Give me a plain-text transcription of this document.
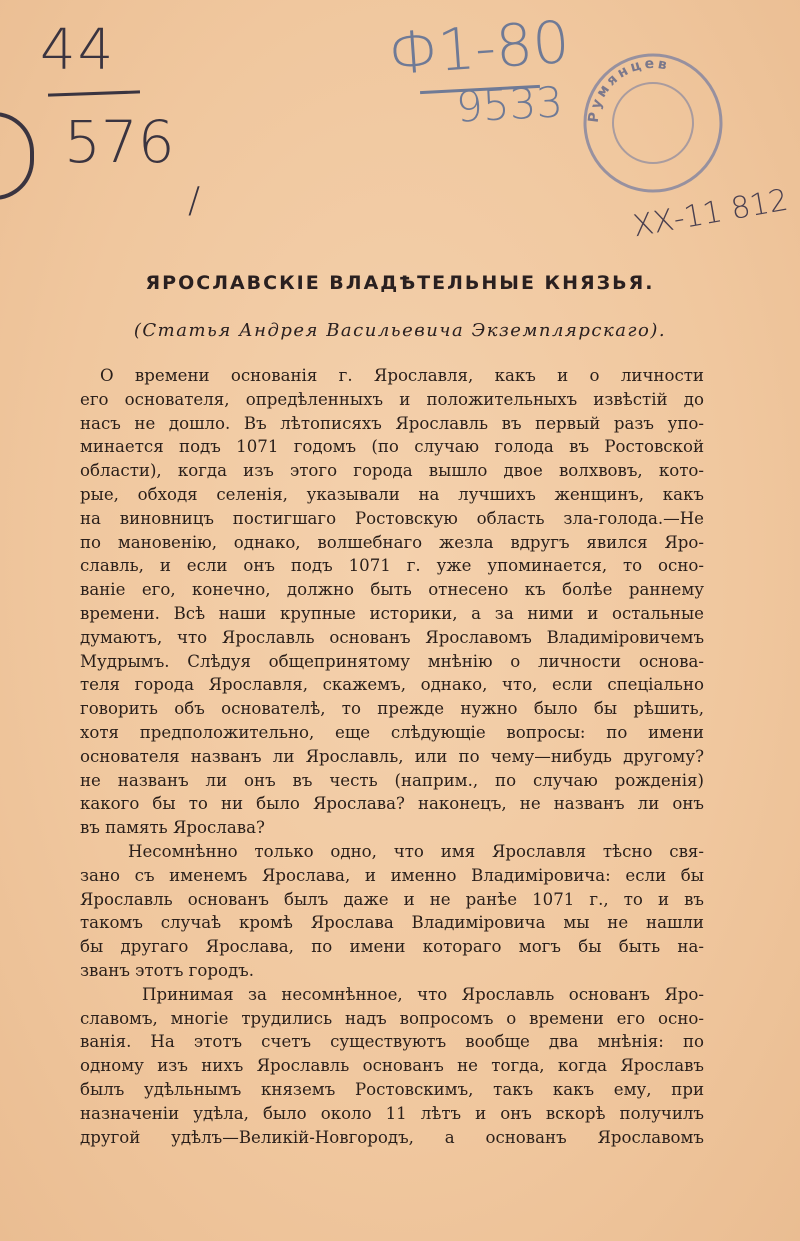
44
576
/
Ф1-80
9533 Румянцев
ХХ-11 812
ЯРОСЛАВСКІЕ ВЛАДѢТЕЛЬНЫЕ КНЯЗЬЯ.
(Статья Андрея Васильевича Экземплярскаго).
О времени основанія г. Ярославля, какъ и о личности
его основателя, опредѣленныхъ и положительныхъ извѣстій до
насъ не дошло. Въ лѣтописяхъ Ярославль въ первый разъ упо-
минается подъ 1071 годомъ (по случаю голода въ Ростовской
области), когда изъ этого города вышло двое волхвовъ, кото-
рые, обходя селенія, указывали на лучшихъ женщинъ, какъ
на виновницъ постигшаго Ростовскую область зла-голода.—Не
по мановенію, однако, волшебнаго жезла вдругъ явился Яро-
славль, и если онъ подъ 1071 г. уже упоминается, то осно-
ваніе его, конечно, должно быть отнесено къ болѣе раннему
времени. Всѣ наши крупные историки, а за ними и остальные
думаютъ, что Ярославль основанъ Ярославомъ Владиміровичемъ
Мудрымъ. Слѣдуя общепринятому мнѣнію о личности основа-
теля города Ярославля, скажемъ, однако, что, если спеціально
говорить объ основателѣ, то прежде нужно было бы рѣшить,
хотя предположительно, еще слѣдующіе вопросы: по имени
основателя названъ ли Ярославль, или по чему—нибудь другому?
не названъ ли онъ въ честь (наприм., по случаю рожденія)
какого бы то ни было Ярослава? наконецъ, не названъ ли онъ
въ память Ярослава?
Несомнѣнно только одно, что имя Ярославля тѣсно свя-
зано съ именемъ Ярослава, и именно Владиміровича: если бы
Ярославль основанъ былъ даже и не ранѣе 1071 г., то и въ
такомъ случаѣ кромѣ Ярослава Владиміровича мы не нашли
бы другаго Ярослава, по имени котораго могъ бы быть на-
званъ этотъ городъ.
Принимая за несомнѣнное, что Ярославль основанъ Яро-
славомъ, многіе трудились надъ вопросомъ о времени его осно-
ванія. На этотъ счетъ существуютъ вообще два мнѣнія: по
одному изъ нихъ Ярославль основанъ не тогда, когда Ярославъ
былъ удѣльнымъ княземъ Ростовскимъ, такъ какъ ему, при
назначеніи удѣла, было около 11 лѣтъ и онъ вскорѣ получилъ
другой удѣлъ—Великій-Новгородъ, а основанъ Ярославомъ
